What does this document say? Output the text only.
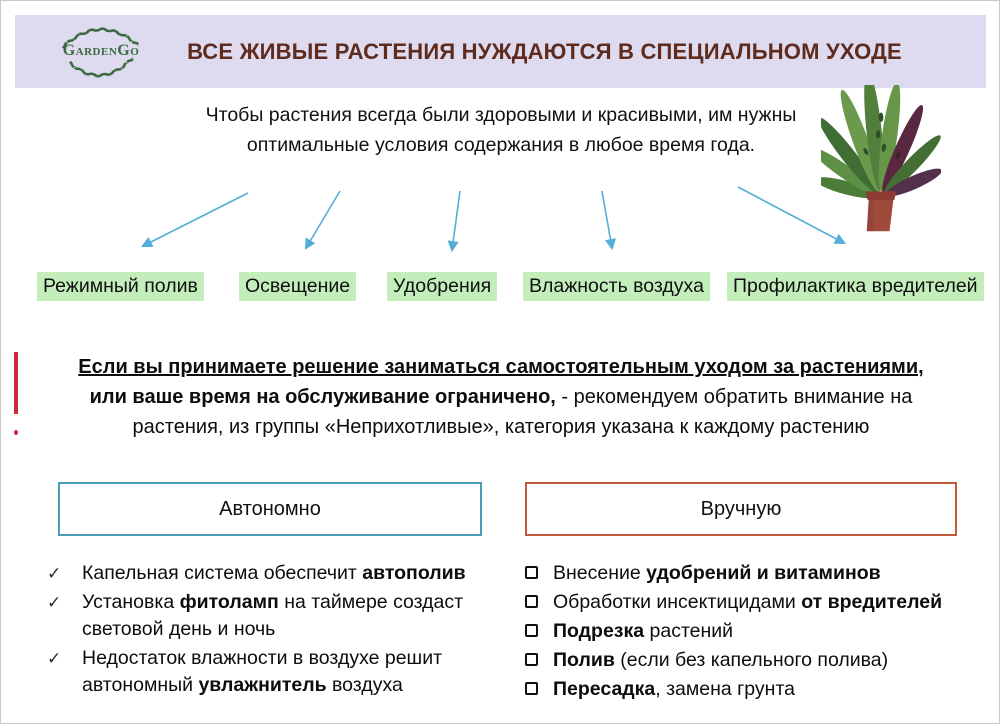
GardenGo	ВСЕ ЖИВЫЕ РАСТЕНИЯ НУЖДАЮТСЯ В СПЕЦИАЛЬНОМ УХОДЕ
Чтобы растения всегда были здоровыми и красивыми, им нужны
оптимальные условия содержания в любое время года.
Режимный полив	Освещение	Удобрения	Влажность воздуха	Профилактика вредителей
Если вы принимаете решение заниматься самостоятельным уходом за растениями,
или ваше время на обслуживание ограничено, - рекомендуем обратить внимание на
растения, из группы «Неприхотливые», категория указана к каждому растению
Автономно	Вручную
✓ Капельная система обеспечит автополив
✓ Установка фитоламп на таймере создаст световой день и ночь
✓ Недостаток влажности в воздухе решит автономный увлажнитель воздуха
Внесение удобрений и витаминов
Обработки инсектицидами от вредителей
Подрезка растений
Полив (если без капельного полива)
Пересадка, замена грунта
